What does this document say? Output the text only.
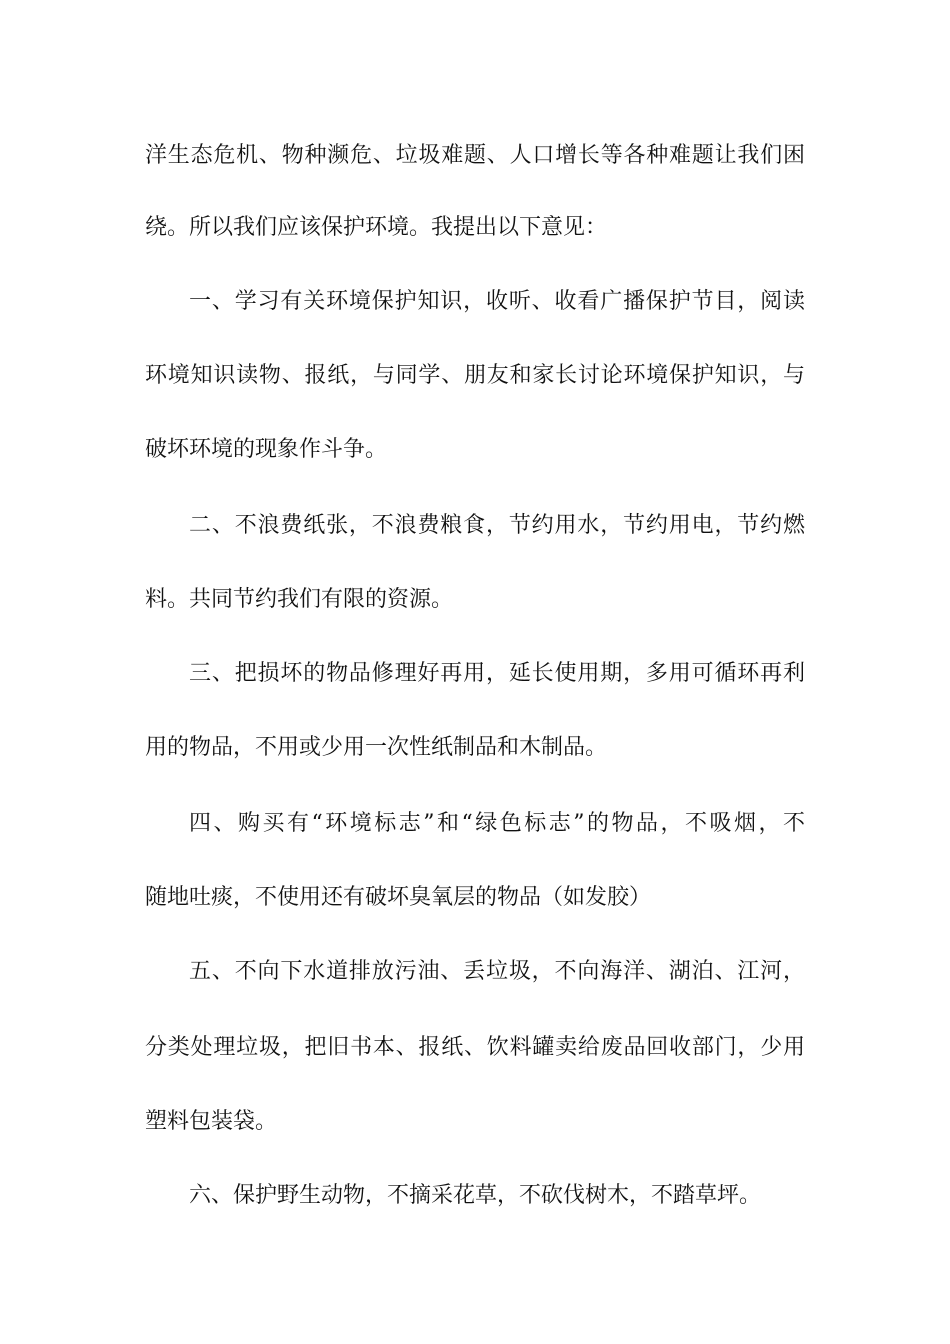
洋生态危机、物种濒危、垃圾难题、人口增长等各种难题让我们困

绕。所以我们应该保护环境。我提出以下意见：

一、学习有关环境保护知识，收听、收看广播保护节目，阅读

环境知识读物、报纸，与同学、朋友和家长讨论环境保护知识，与

破坏环境的现象作斗争。

二、不浪费纸张，不浪费粮食，节约用水，节约用电，节约燃

料。共同节约我们有限的资源。

三、把损坏的物品修理好再用，延长使用期，多用可循环再利

用的物品，不用或少用一次性纸制品和木制品。

四、购买有“环境标志”和“绿色标志”的物品，不吸烟，不

随地吐痰，不使用还有破坏臭氧层的物品（如发胶）

五、不向下水道排放污油、丢垃圾，不向海洋、湖泊、江河，

分类处理垃圾，把旧书本、报纸、饮料罐卖给废品回收部门，少用

塑料包装袋。

六、保护野生动物，不摘采花草，不砍伐树木，不踏草坪。
